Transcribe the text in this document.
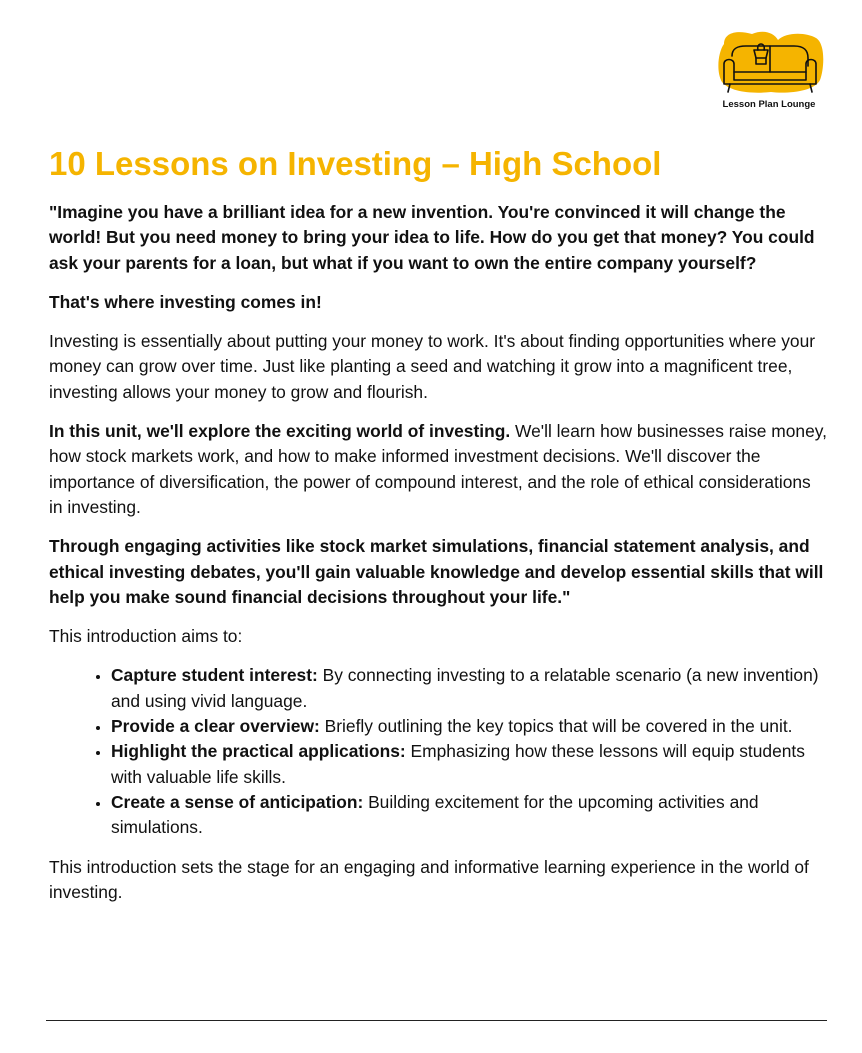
Lesson Plan Lounge
10 Lessons on Investing – High School

"Imagine you have a brilliant idea for a new invention. You're convinced it will change the world! But you need money to bring your idea to life. How do you get that money? You could ask your parents for a loan, but what if you want to own the entire company yourself?

That's where investing comes in!

Investing is essentially about putting your money to work. It's about finding opportunities where your money can grow over time. Just like planting a seed and watching it grow into a magnificent tree, investing allows your money to grow and flourish.

In this unit, we'll explore the exciting world of investing. We'll learn how businesses raise money, how stock markets work, and how to make informed investment decisions. We'll discover the importance of diversification, the power of compound interest, and the role of ethical considerations in investing.

Through engaging activities like stock market simulations, financial statement analysis, and ethical investing debates, you'll gain valuable knowledge and develop essential skills that will help you make sound financial decisions throughout your life."

This introduction aims to:

• Capture student interest: By connecting investing to a relatable scenario (a new invention) and using vivid language.
• Provide a clear overview: Briefly outlining the key topics that will be covered in the unit.
• Highlight the practical applications: Emphasizing how these lessons will equip students with valuable life skills.
• Create a sense of anticipation: Building excitement for the upcoming activities and simulations.

This introduction sets the stage for an engaging and informative learning experience in the world of investing.
